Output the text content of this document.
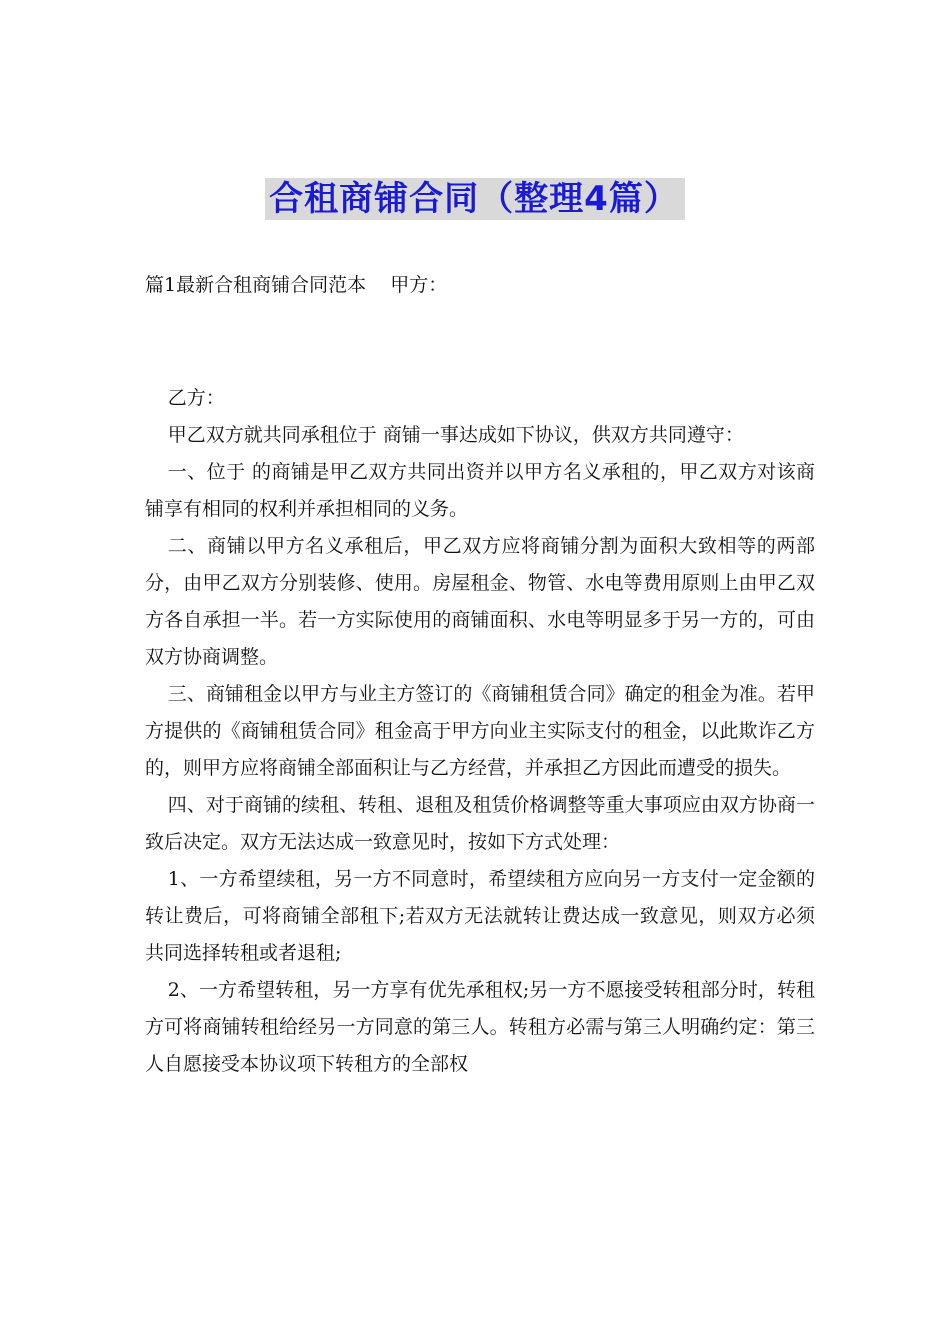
合租商铺合同（整理4篇）
篇1最新合租商铺合同范本    甲方：

乙方：

甲乙双方就共同承租位于 商铺一事达成如下协议，供双方共同遵守：

一、位于 的商铺是甲乙双方共同出资并以甲方名义承租的，甲乙双方对该商铺享有相同的权利并承担相同的义务。

二、商铺以甲方名义承租后，甲乙双方应将商铺分割为面积大致相等的两部分，由甲乙双方分别装修、使用。房屋租金、物管、水电等费用原则上由甲乙双方各自承担一半。若一方实际使用的商铺面积、水电等明显多于另一方的，可由双方协商调整。

三、商铺租金以甲方与业主方签订的《商铺租赁合同》确定的租金为准。若甲方提供的《商铺租赁合同》租金高于甲方向业主实际支付的租金，以此欺诈乙方的，则甲方应将商铺全部面积让与乙方经营，并承担乙方因此而遭受的损失。

四、对于商铺的续租、转租、退租及租赁价格调整等重大事项应由双方协商一致后决定。双方无法达成一致意见时，按如下方式处理：

1、一方希望续租，另一方不同意时，希望续租方应向另一方支付一定金额的转让费后，可将商铺全部租下;若双方无法就转让费达成一致意见，则双方必须共同选择转租或者退租;

2、一方希望转租，另一方享有优先承租权;另一方不愿接受转租部分时，转租方可将商铺转租给经另一方同意的第三人。转租方必需与第三人明确约定：第三人自愿接受本协议项下转租方的全部权
